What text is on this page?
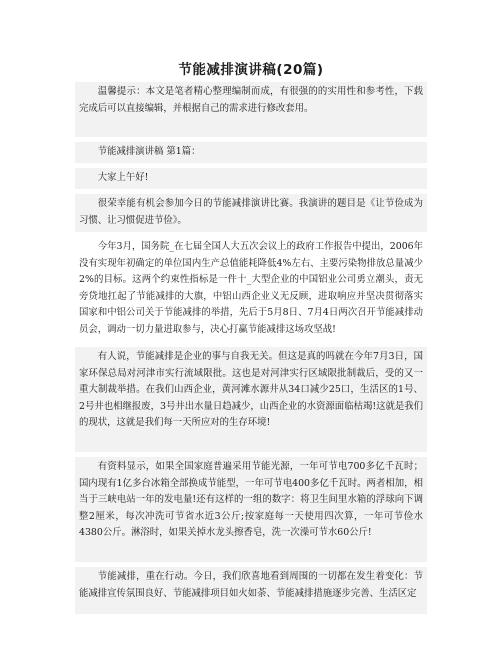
节能减排演讲稿(20篇)

温馨提示：本文是笔者精心整理编制而成，有很强的的实用性和参考性，下载完成后可以直接编辑，并根据自己的需求进行修改套用。

节能减排演讲稿 第1篇：

大家上午好!

很荣幸能有机会参加今日的节能减排演讲比赛。我演讲的题目是《让节俭成为习惯、让习惯促进节俭》。

今年3月，国务院_在七届全国人大五次会议上的政府工作报告中提出，2006年没有实现年初确定的单位国内生产总值能耗降低4%左右、主要污染物排放总量减少2%的目标。这两个约束性指标是一件十_大型企业的中国铝业公司勇立潮头，责无旁贷地扛起了节能减排的大旗，中铝山西企业义无反顾，进取响应并坚决贯彻落实国家和中铝公司关于节能减排的举措，先后于5月8日、7月4日两次召开节能减排动员会，调动一切力量进取参与，决心打赢节能减排这场攻坚战!

有人说，节能减排是企业的事与自我无关。但这是真的吗就在今年7月3日，国家环保总局对河津市实行流域限批。这也是对河津实行区域限批制裁后，受的又一重大制裁举措。在我们山西企业，黄河滩水源井从34口减少25口，生活区的1号、2号井也相继报废，3号井出水量日趋减少，山西企业的水资源面临枯竭!这就是我们的现状，这就是我们每一天所应对的生存环境!

有资料显示，如果全国家庭普遍采用节能光源，一年可节电700多亿千瓦时；国内现有1亿多台冰箱全部换成节能型，一年可节电400多亿千瓦时。两者相加，相当于三峡电站一年的发电量!还有这样的一组的数字：将卫生间里水箱的浮球向下调整2厘米，每次冲洗可节省水近3公斤;按家庭每一天使用四次算，一年可节俭水4380公斤。淋浴时，如果关掉水龙头擦香皂，洗一次澡可节水60公斤!

节能减排，重在行动。今日，我们欣喜地看到周围的一切都在发生着变化：节能减排宣传氛围良好、节能减排项目如火如荼、节能减排措施逐步完善、生活区定
